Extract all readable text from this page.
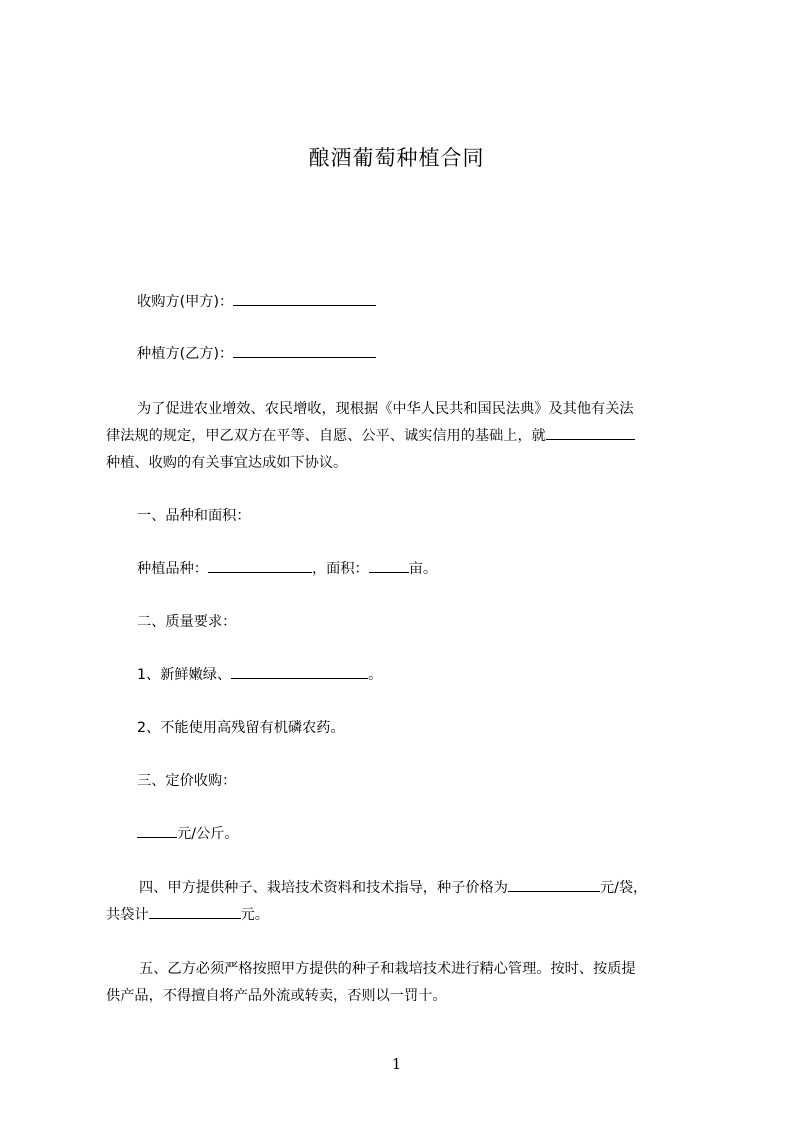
酿酒葡萄种植合同
收购方(甲方)：
种植方(乙方)：
为了促进农业增效、农民增收，现根据《中华人民共和国民法典》及其他有关法
律法规的规定，甲乙双方在平等、自愿、公平、诚实信用的基础上，就
种植、收购的有关事宜达成如下协议。
一、品种和面积：
种植品种：	，面积：	亩。
二、质量要求：
1、新鲜嫩绿、	。
2、不能使用高残留有机磷农药。
三、定价收购：
元/公斤。
四、甲方提供种子、栽培技术资料和技术指导，种子价格为	元/袋，
共袋计	元。
五、乙方必须严格按照甲方提供的种子和栽培技术进行精心管理。按时、按质提
供产品，不得擅自将产品外流或转卖，否则以一罚十。
1
